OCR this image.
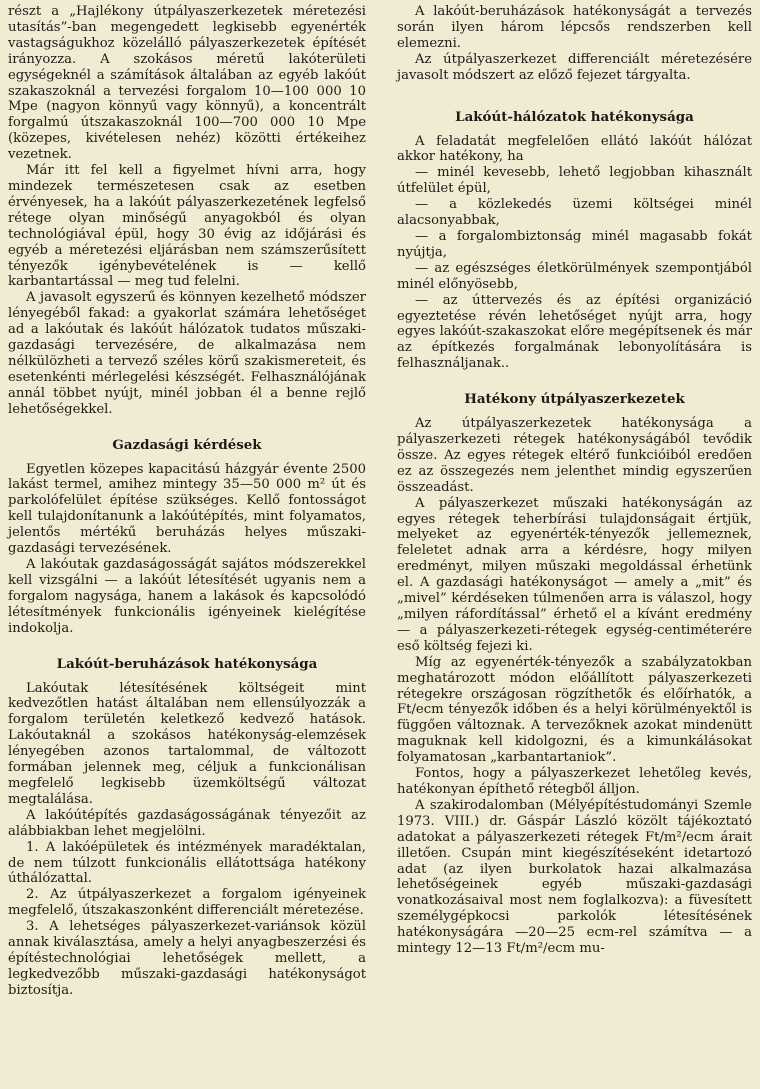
részt a „Hajlékony útpályaszerkezetek méretezési utasítás”-ban megengedett legkisebb egyenérték vastagságukhoz közelálló pályaszerkezetek építését irányozza. A szokásos méretű lakóterületi egységeknél a számítások általában az egyéb lakóút szakaszoknál a tervezési forgalom 10—100 000 10 Mpe (nagyon könnyű vagy könnyű), a koncentrált forgalmú útszakaszoknál 100—700 000 10 Mpe (közepes, kivételesen nehéz) közötti értékeihez vezetnek.

Már itt fel kell a figyelmet hívni arra, hogy mindezek természetesen csak az esetben érvényesek, ha a lakóút pályaszerkezetének legfelső rétege olyan minőségű anyagokból és olyan technológiával épül, hogy 30 évig az időjárási és egyéb a méretezési eljárásban nem számszerűsített tényezők igénybevételének is — kellő karbantartással — meg tud felelni.

A javasolt egyszerű és könnyen kezelhető módszer lényegéből fakad: a gyakorlat számára lehetőséget ad a lakóutak és lakóút hálózatok tudatos műszaki-gazdasági tervezésére, de alkalmazása nem nélkülözheti a tervező széles körű szakismereteit, és esetenkénti mérlegelési készségét. Felhasználójának annál többet nyújt, minél jobban él a benne rejlő lehetőségekkel.

Gazdasági kérdések

Egyetlen közepes kapacitású házgyár évente 2500 lakást termel, amihez mintegy 35—50 000 m² út és parkolófelület építése szükséges. Kellő fontosságot kell tulajdonítanunk a lakóútépítés, mint folyamatos, jelentős mértékű beruházás helyes műszaki-gazdasági tervezésének.

A lakóutak gazdaságosságát sajátos módszerekkel kell vizsgálni — a lakóút létesítését ugyanis nem a forgalom nagysága, hanem a lakások és kapcsolódó létesítmények funkcionális igényeinek kielégítése indokolja.

Lakóút-beruházások hatékonysága

Lakóutak létesítésének költségeit mint kedvezőtlen hatást általában nem ellensúlyozzák a forgalom területén keletkező kedvező hatások. Lakóutaknál a szokásos hatékonyság-elemzések lényegében azonos tartalommal, de változott formában jelennek meg, céljuk a funkcionálisan megfelelő legkisebb üzemköltségű változat megtalálása.

A lakóútépítés gazdaságosságának tényezőit az alábbiakban lehet megjelölni.

1. A lakóépületek és intézmények maradéktalan, de nem túlzott funkcionális ellátottsága hatékony úthálózattal.

2. Az útpályaszerkezet a forgalom igényeinek megfelelő, útszakaszonként differenciált méretezése.

3. A lehetséges pályaszerkezet-variánsok közül annak kiválasztása, amely a helyi anyagbeszerzési és építéstechnológiai lehetőségek mellett, a legkedvezőbb műszaki-gazdasági hatékonyságot biztosítja.

A lakóút-beruházások hatékonyságát a tervezés során ilyen három lépcsős rendszerben kell elemezni.

Az útpályaszerkezet differenciált méretezésére javasolt módszert az előző fejezet tárgyalta.

Lakóút-hálózatok hatékonysága

A feladatát megfelelően ellátó lakóút hálózat akkor hatékony, ha

— minél kevesebb, lehető legjobban kihasznált útfelület épül,

— a közlekedés üzemi költségei minél alacsonyabbak,

— a forgalombiztonság minél magasabb fokát nyújtja,

— az egészséges életkörülmények szempontjából minél előnyösebb,

— az úttervezés és az építési organizáció egyeztetése révén lehetőséget nyújt arra, hogy egyes lakóút-szakaszokat előre megépítsenek és már az építkezés forgalmának lebonyolítására is felhasználjanak..

Hatékony útpályaszerkezetek

Az útpályaszerkezetek hatékonysága a pályaszerkezeti rétegek hatékonyságából tevődik össze. Az egyes rétegek eltérő funkcióiból eredően ez az összegezés nem jelenthet mindig egyszerűen összeadást.

A pályaszerkezet műszaki hatékonyságán az egyes rétegek teherbírási tulajdonságait értjük, melyeket az egyenérték-tényezők jellemeznek, feleletet adnak arra a kérdésre, hogy milyen eredményt, milyen műszaki megoldással érhetünk el. A gazdasági hatékonyságot — amely a „mit” és „mivel” kérdéseken túlmenően arra is válaszol, hogy „milyen ráfordítással” érhető el a kívánt eredmény — a pályaszerkezeti-rétegek egység-centiméterére eső költség fejezi ki.

Míg az egyenérték-tényezők a szabályzatokban meghatározott módon előállított pályaszerkezeti rétegekre országosan rögzíthetők és előírhatók, a Ft/ecm tényezők időben és a helyi körülményektől is függően változnak. A tervezőknek azokat mindenütt maguknak kell kidolgozni, és a kimunkálásokat folyamatosan „karbantartaniok”.

Fontos, hogy a pályaszerkezet lehetőleg kevés, hatékonyan építhető rétegből álljon.

A szakirodalomban (Mélyépítéstudományi Szemle 1973. VIII.) dr. Gáspár László közölt tájékoztató adatokat a pályaszerkezeti rétegek Ft/m²/ecm árait illetően. Csupán mint kiegészítéseként idetartozó adat (az ilyen burkolatok hazai alkalmazása lehetőségeinek egyéb műszaki-gazdasági vonatkozásaival most nem foglalkozva): a füvesített személygépkocsi parkolók létesítésének hatékonyságára —20—25 ecm-rel számítva — a mintegy 12—13 Ft/m²/ecm mu-
